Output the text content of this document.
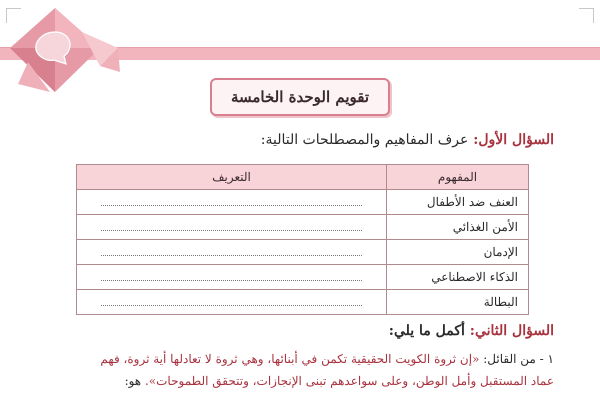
تقويم الوحدة الخامسة
السؤال الأول: عرف المفاهيم والمصطلحات التالية:
المفهوم	التعريف
العنف ضد الأطفال	

الأمن الغذائي	

الإدمان	

الذكاء الاصطناعي	

البطالة	
السؤال الثاني: أكمل ما يلي:
١ - من القائل: «إن ثروة الكويت الحقيقية تكمن في أبنائها، وهي ثروة لا تعادلها أية ثروة، فهم
عماد المستقبل وأمل الوطن، وعلى سواعدهم تبنى الإنجازات، وتتحقق الطموحات». هو:
